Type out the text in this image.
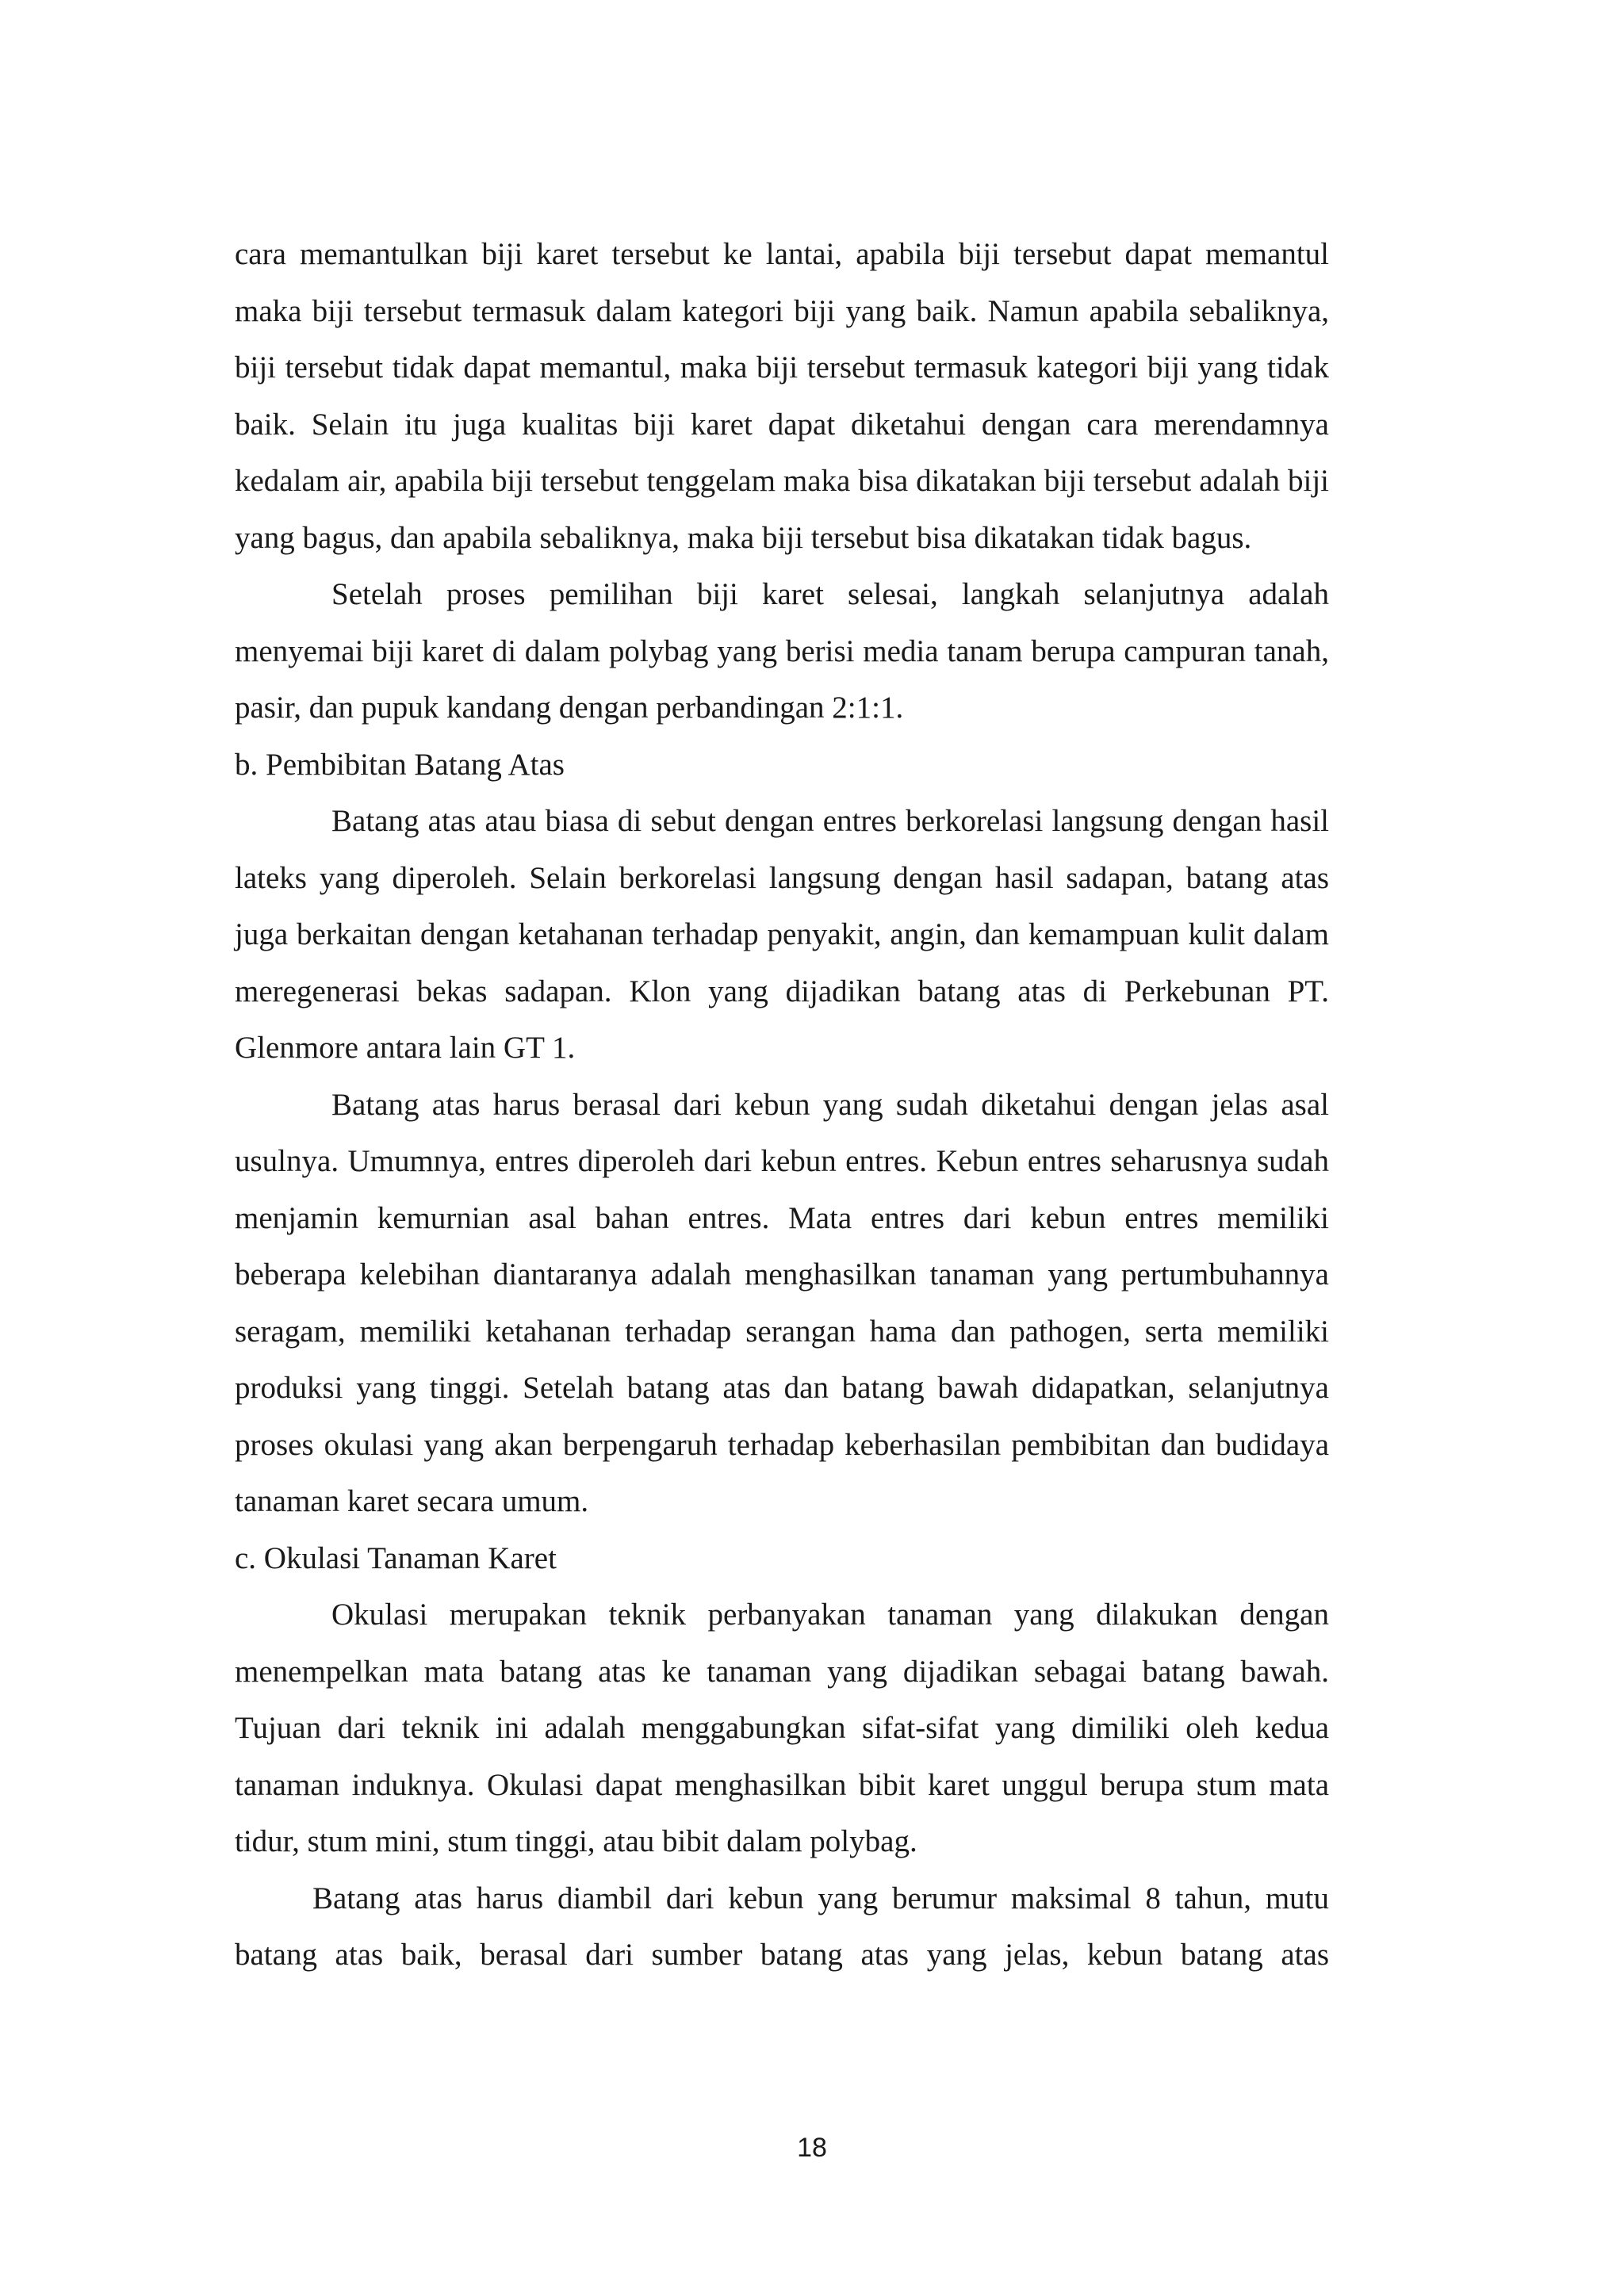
cara memantulkan biji karet tersebut ke lantai, apabila biji tersebut dapat memantul maka biji tersebut termasuk dalam kategori biji yang baik. Namun apabila sebaliknya, biji tersebut tidak dapat memantul, maka biji tersebut termasuk kategori biji yang tidak baik. Selain itu juga kualitas biji karet dapat diketahui dengan cara merendamnya kedalam air, apabila biji tersebut tenggelam maka bisa dikatakan biji tersebut adalah biji yang bagus, dan apabila sebaliknya, maka biji tersebut bisa dikatakan tidak bagus.

Setelah proses pemilihan biji karet selesai, langkah selanjutnya adalah menyemai biji karet di dalam polybag yang berisi media tanam berupa campuran tanah, pasir, dan pupuk kandang dengan perbandingan 2:1:1.

b. Pembibitan Batang Atas

Batang atas atau biasa di sebut dengan entres berkorelasi langsung dengan hasil lateks yang diperoleh. Selain berkorelasi langsung dengan hasil sadapan, batang atas juga berkaitan dengan ketahanan terhadap penyakit, angin, dan kemampuan kulit dalam meregenerasi bekas sadapan. Klon yang dijadikan batang atas di Perkebunan PT. Glenmore antara lain GT 1.

Batang atas harus berasal dari kebun yang sudah diketahui dengan jelas asal usulnya. Umumnya, entres diperoleh dari kebun entres. Kebun entres seharusnya sudah menjamin kemurnian asal bahan entres. Mata entres dari kebun entres memiliki beberapa kelebihan diantaranya adalah menghasilkan tanaman yang pertumbuhannya seragam, memiliki ketahanan terhadap serangan hama dan pathogen, serta memiliki produksi yang tinggi. Setelah batang atas dan batang bawah didapatkan, selanjutnya proses okulasi yang akan berpengaruh terhadap keberhasilan pembibitan dan budidaya tanaman karet secara umum.

c. Okulasi Tanaman Karet

Okulasi merupakan teknik perbanyakan tanaman yang dilakukan dengan menempelkan mata batang atas ke tanaman yang dijadikan sebagai batang bawah. Tujuan dari teknik ini adalah menggabungkan sifat-sifat yang dimiliki oleh kedua tanaman induknya. Okulasi dapat menghasilkan bibit karet unggul berupa stum mata tidur, stum mini, stum tinggi, atau bibit dalam polybag.

Batang atas harus diambil dari kebun yang berumur maksimal 8 tahun, mutu batang atas baik, berasal dari sumber batang atas yang jelas, kebun batang atas

18
